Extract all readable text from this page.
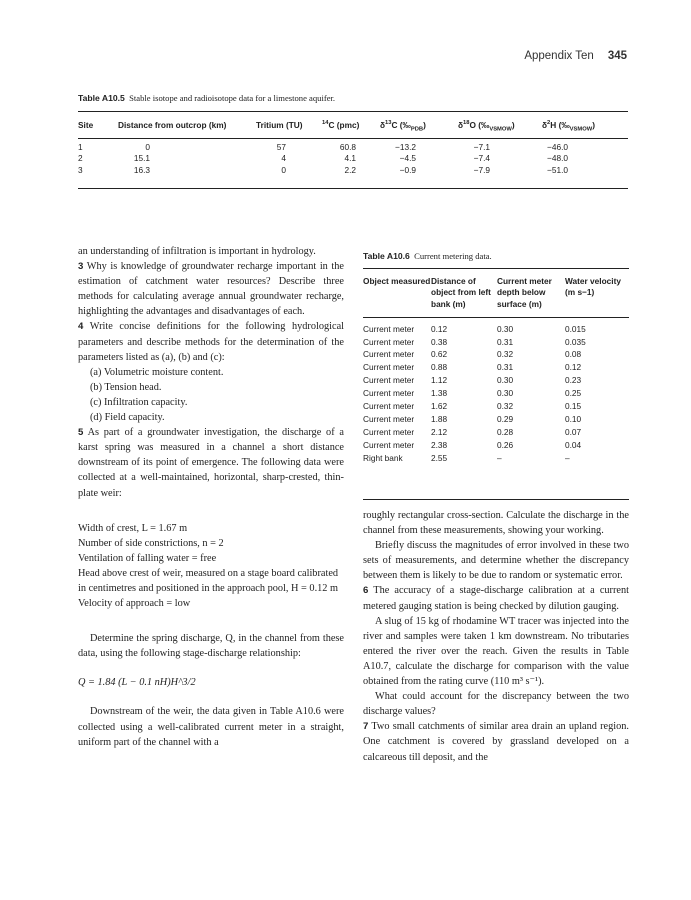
Appendix Ten 345
Table A10.5 Stable isotope and radioisotope data for a limestone aquifer.
Site	Distance from outcrop (km)	Tritium (TU)	$^{14}$C (pmc)	$\delta^{13}C$ $(‰_{PDB})$	$\delta^{18}O$ $(‰_{VSMOW})$	$\delta^2H$ $(‰_{VSMOW})$

1	0	57	60.8	−13.2	−7.1	−46.0
2	15.1	4	4.1	−4.5	−7.4	−48.0
3	16.3	0	2.2	−0.9	−7.9	−51.0

an understanding of infiltration is important in hydrology.

3 Why is knowledge of groundwater recharge important in the estimation of catchment water resources? Describe three methods for calculating average annual groundwater recharge, highlighting the advantages and disadvantages of each.

4 Write concise definitions for the following hydrological parameters and describe methods for the determination of the parameters listed as (a), (b) and (c):

(a) Volumetric moisture content.

(b) Tension head.

(c) Infiltration capacity.

(d) Field capacity.

5 As part of a groundwater investigation, the discharge of a karst spring was measured in a channel a short distance downstream of its point of emergence. The following data were collected at a well-maintained, horizontal, sharp-crested, thin-plate weir:

Width of crest, L = 1.67 m

Number of side constrictions, n = 2

Ventilation of falling water = free

Head above crest of weir, measured on a stage board calibrated in centimetres and positioned in the approach pool, H = 0.12 m

Velocity of approach = low

Determine the spring discharge, Q, in the channel from these data, using the following stage-discharge relationship:

Q = 1.84 (L − 0.1 nH)H^3/2

Downstream of the weir, the data given in Table A10.6 were collected using a well-calibrated current meter in a straight, uniform part of the channel with a

Table A10.6 Current metering data.
Object measured	Distance of object from left bank (m)	Current meter depth below surface (m)	Water velocity (m s−1)
Current meter	0.12	0.30	0.015
Current meter	0.38	0.31	0.035
Current meter	0.62	0.32	0.08
Current meter	0.88	0.31	0.12
Current meter	1.12	0.30	0.23
Current meter	1.38	0.30	0.25
Current meter	1.62	0.32	0.15
Current meter	1.88	0.29	0.10
Current meter	2.12	0.28	0.07
Current meter	2.38	0.26	0.04
Right bank	2.55	–	–

roughly rectangular cross-section. Calculate the discharge in the channel from these measurements, showing your working.

Briefly discuss the magnitudes of error involved in these two sets of measurements, and determine whether the discrepancy between them is likely to be due to random or systematic error.

6 The accuracy of a stage-discharge calibration at a current metered gauging station is being checked by dilution gauging.

A slug of 15 kg of rhodamine WT tracer was injected into the river and samples were taken 1 km downstream. No tributaries entered the river over the reach. Given the results in Table A10.7, calculate the discharge for comparison with the value obtained from the rating curve (110 m³ s⁻¹).

What could account for the discrepancy between the two discharge values?

7 Two small catchments of similar area drain an upland region. One catchment is covered by grassland developed on a calcareous till deposit, and the
